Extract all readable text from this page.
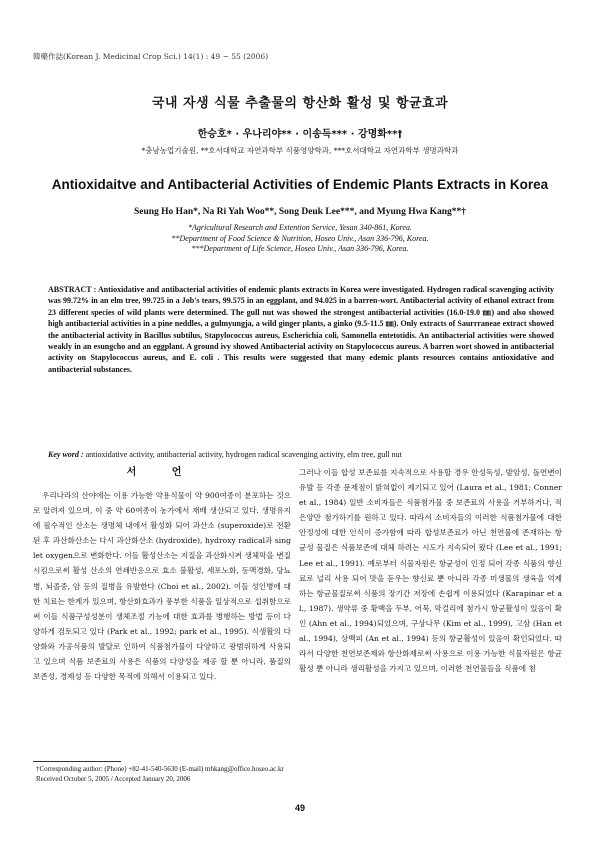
韓藥作誌(Korean J. Medicinal Crop Sci.) 14(1) : 49 ~ 55 (2006)
국내 자생 식물 추출물의 항산화 활성 및 항균효과
한승호* · 우나리야** · 이송득*** · 강명화**†
*충남농업기술원, **호서대학교 자연과학부 식품영양학과, ***호서대학교 자연과학부 생명과학과
Antioxidaitve and Antibacterial Activities of Endemic Plants Extracts in Korea
Seung Ho Han*, Na Ri Yah Woo**, Song Deuk Lee***, and Myung Hwa Kang**†
*Agricultural Research and Extention Service, Yesan 340-861, Korea.
**Department of Food Science & Nutrition, Hoseo Univ., Asan 336-796, Korea.
***Department of Life Science, Hoseo Univ., Asan 336-796, Korea.
ABSTRACT : Antioxidative and antibacterial activities of endemic plants extracts in Korea were investigated. Hydrogen radical scavenging activity was 99.72% in an elm tree, 99.725 in a Job's tears, 99.575 in an eggplant, and 94.025 in a barren-wort. Antibacterial activity of ethanol extract from 23 different species of wild plants were determined. The gull nut was showed the strongest antibacterial activities (16.0-19.0 ㎜) and also showed high antibacterial activities in a pine neddles, a gulmyungja, a wild ginger plants, a ginko (9.5-11.5 ㎜). Only extracts of Saurrraneae extract showed the antibacterial activity in Bacillus subtilus, Stapylococcus aureus, Escherichia coli, Samonella entetotidis. An antibacterial activities were showed weakly in an esungcho and an eggplant. A ground ivy showed Antibacterial activity on Stapylococcus aureus. A barren wort showed in antibacterial activity on Stapylococcus aureus, and E. coli . This results were suggested that many edemic plants resources contains antioxidative and antibacterial substances.
Key word : antioxidative activity, antibacterial activity, hydrogen radical scavenging activity, elm tree, gull nut
서 언

우리나라의 산야에는 이용 가능한 약용식물이 약 900여종이 분포하는 것으로 알려져 있으며, 이 중 약 60여종이 농가에서 재배 생산되고 있다. 생명유지에 필수적인 산소는 생명체 내에서 활성화 되어 과산소 (superoxide)로 전환된 후 과산화산소는 다시 과산화산소 (hydroxide), hydroxy radical과 singlet oxygen으로 변화한다. 이들 활성산소는 지질을 과산화시켜 생체막을 변질시킴으로써 활성 산소의 연쇄반응으로 효소 불활성, 세포노화, 동맥경화, 당뇨병, 뇌졸중, 암 등의 질병을 유발한다 (Choi et al., 2002). 이들 성인병에 대한 치료는 한계가 있으며, 항산화효과가 풍부한 식품을 일상적으로 섭취함으로써 이들 식품구성성분이 생체조절 기능에 대한 효과를 병행하는 방법 등이 다양하게 검토되고 있다 (Park et al., 1992; park et al., 1995). 식생활의 다양화와 가공식품의 발달로 인하여 식품첨가물이 다양하고 광범위하게 사용되고 있으며 식품 보존료의 사용은 식품의 다양성을 제공 할 뿐 아니라, 품질의 보존성, 경제성 등 다양한 목적에 의해서 이용되고 있다.

그러나 이들 합성 보존료를 지속적으로 사용할 경우 안성독성, 발암성, 돌연변이 유발 등 각종 문제점이 밝혀없이 제기되고 있어 (Laura et al., 1981; Conner et al., 1984) 일반 소비자들은 식품첨가물 중 보존료의 사용을 거부하거나, 적은양만 첨가하기를 원하고 있다. 따라서 소비자들의 이러한 식품첨가물에 대한 안정성에 대한 인식이 증가함에 따라 합성보존료가 아닌 천연물에 존재하는 항균성 물질은 식품보존에 대체 하려는 시도가 지속되어 왔다 (Lee et al., 1991; Lee et al., 1991). 예로부터 식물자원은 항균성이 인정 되어 각종 식품의 향신료로 널리 사용 되어 맛을 돋우는 향신료 뿐 아니라 각종 미생물의 생육을 억제하는 항균물질로써 식품의 장기간 저장에 손쉽게 이용되었다 (Karapinar et al., 1987). 생약류 중 황백을 두부, 어묵, 막걸리에 첨가시 항균활성이 있음이 확인 (Ahn et al., 1994)되었으며, 구상나무 (Kim et al., 1999), 고삼 (Han et al., 1994), 상백피 (An et al., 1994) 등의 항균활성이 있음이 확인되었다. 따라서 다양한 천연보존제와 항산화제로써 사용으로 이용 가능한 식물자원은 항균활성 뿐 아니라 생리활성을 가지고 있으며, 이러한 천연물들을 식품에 첨

†Corresponding author: (Phone) +82-41-540-5630 (E-mail) mhkang@office.hoseo.ac.kr
Received October 5, 2005 / Accepted January 20, 2006
49
